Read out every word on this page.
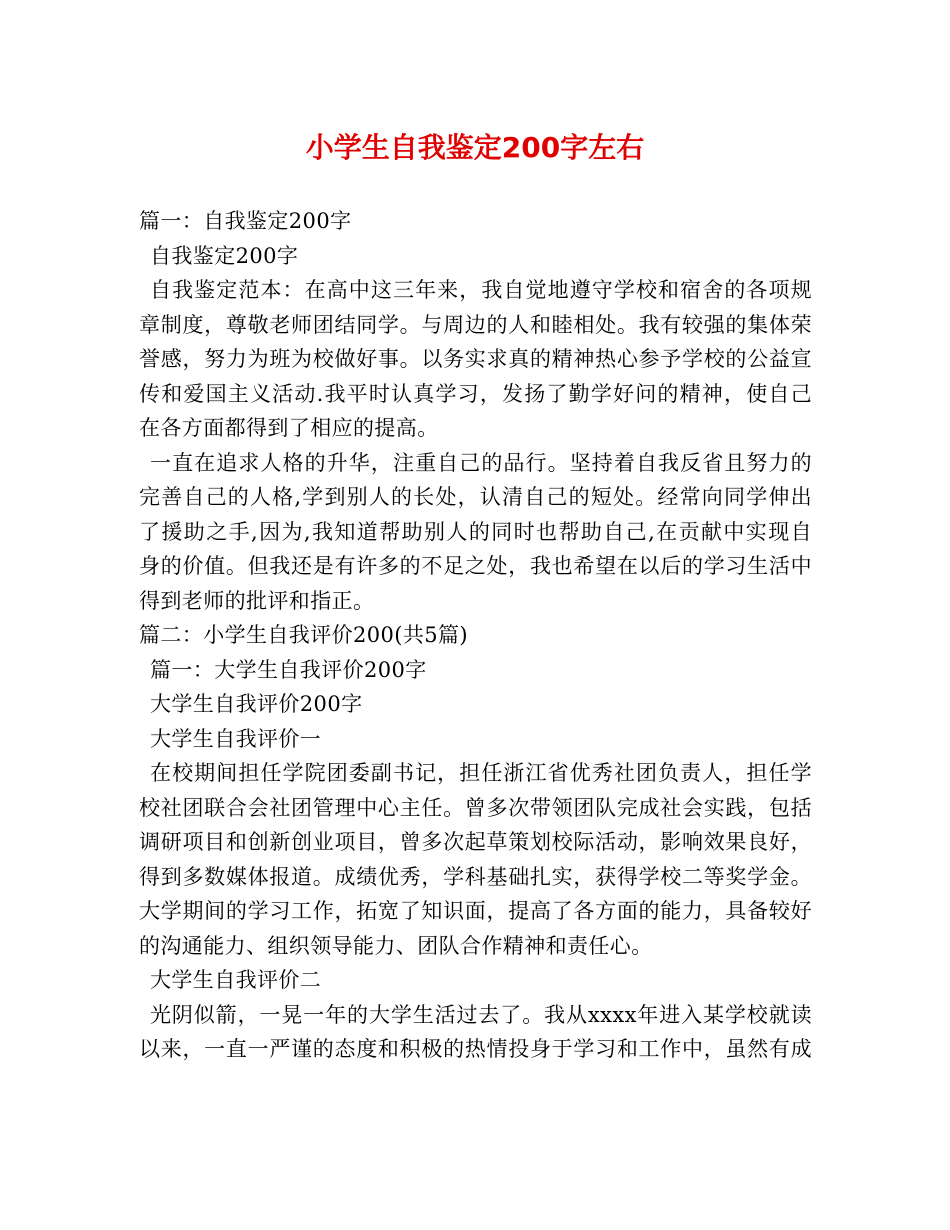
小学生自我鉴定200字左右

篇一：自我鉴定200字

自我鉴定200字

自我鉴定范本：在高中这三年来，我自觉地遵守学校和宿舍的各项规

章制度，尊敬老师团结同学。与周边的人和睦相处。我有较强的集体荣

誉感，努力为班为校做好事。以务实求真的精神热心参予学校的公益宣

传和爱国主义活动.我平时认真学习，发扬了勤学好问的精神，使自己

在各方面都得到了相应的提高。

一直在追求人格的升华，注重自己的品行。坚持着自我反省且努力的

完善自己的人格,学到别人的长处，认清自己的短处。经常向同学伸出

了援助之手,因为,我知道帮助别人的同时也帮助自己,在贡献中实现自

身的价值。但我还是有许多的不足之处，我也希望在以后的学习生活中

得到老师的批评和指正。

篇二：小学生自我评价200(共5篇)

篇一：大学生自我评价200字

大学生自我评价200字

大学生自我评价一

在校期间担任学院团委副书记，担任浙江省优秀社团负责人，担任学

校社团联合会社团管理中心主任。曾多次带领团队完成社会实践，包括

调研项目和创新创业项目，曾多次起草策划校际活动，影响效果良好，

得到多数媒体报道。成绩优秀，学科基础扎实，获得学校二等奖学金。

大学期间的学习工作，拓宽了知识面，提高了各方面的能力，具备较好

的沟通能力、组织领导能力、团队合作精神和责任心。

大学生自我评价二

光阴似箭，一晃一年的大学生活过去了。我从xxxx年进入某学校就读

以来，一直一严谨的态度和积极的热情投身于学习和工作中，虽然有成
